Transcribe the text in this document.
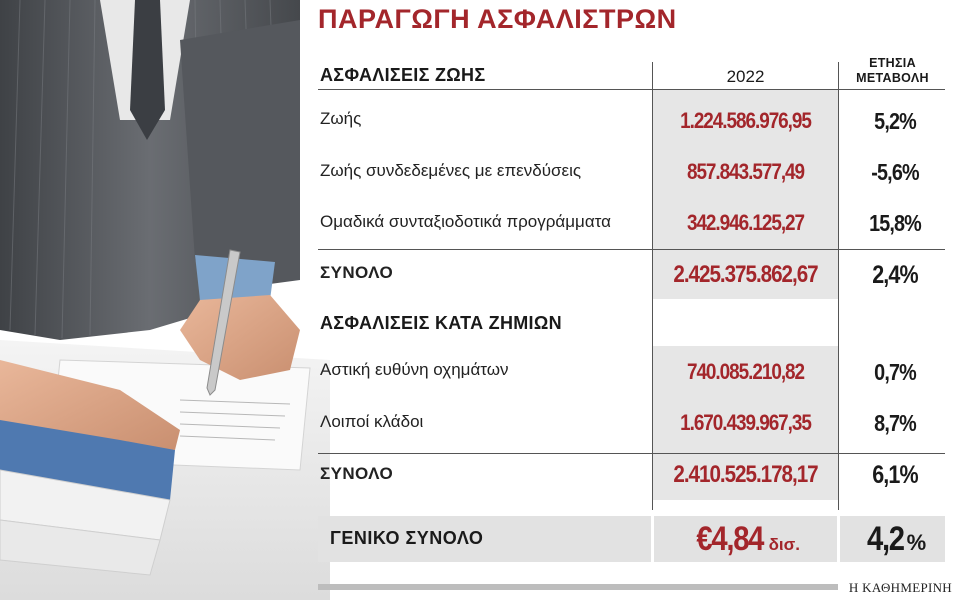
ΠΑΡΑΓΩΓΗ ΑΣΦΑΛΙΣΤΡΩΝ
ΑΣΦΑΛΙΣΕΙΣ ΖΩΗΣ	2022
ΕΤΗΣΙΑ
ΜΕΤΑΒΟΛΗ
Ζωής	1.224.586.976,95	5,2%
Ζωής συνδεδεμένες με επενδύσεις	857.843.577,49	-5,6%
Ομαδικά συνταξιοδοτικά προγράμματα	342.946.125,27	15,8%
ΣΥΝΟΛΟ	2.425.375.862,67	2,4%
ΑΣΦΑΛΙΣΕΙΣ ΚΑΤΑ ΖΗΜΙΩΝ
Αστική ευθύνη οχημάτων	740.085.210,82	0,7%
Λοιποί κλάδοι	1.670.439.967,35	8,7%
ΣΥΝΟΛΟ	2.410.525.178,17	6,1%
ΓΕΝΙΚΟ ΣΥΝΟΛΟ	€4,84 δισ. 4,2 %
Η ΚΑΘΗΜΕΡΙΝΗ
